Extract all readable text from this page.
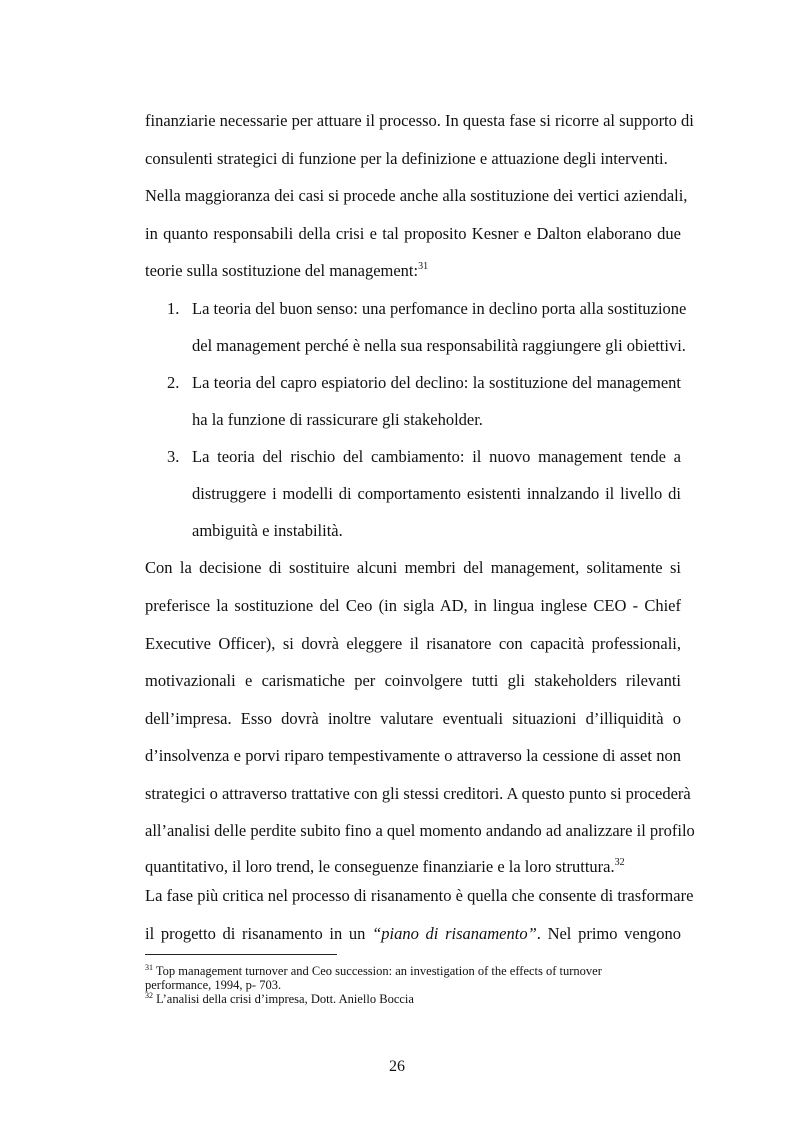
finanziarie necessarie per attuare il processo. In questa fase si ricorre al supporto di
consulenti strategici di funzione per la definizione e attuazione degli interventi.
Nella maggioranza dei casi si procede anche alla sostituzione dei vertici aziendali,
in quanto responsabili della crisi e tal proposito Kesner e Dalton elaborano due
teorie sulla sostituzione del management:$^{31}$
1. La teoria del buon senso: una perfomance in declino porta alla sostituzione
del management perché è nella sua responsabilità raggiungere gli obiettivi.
2. La teoria del capro espiatorio del declino: la sostituzione del management
ha la funzione di rassicurare gli stakeholder.
3. La teoria del rischio del cambiamento: il nuovo management tende a
distruggere i modelli di comportamento esistenti innalzando il livello di
ambiguità e instabilità.
Con la decisione di sostituire alcuni membri del management, solitamente si
preferisce la sostituzione del Ceo (in sigla AD, in lingua inglese CEO - Chief
Executive Officer), si dovrà eleggere il risanatore con capacità professionali,
motivazionali e carismatiche per coinvolgere tutti gli stakeholders rilevanti
dell’impresa. Esso dovrà inoltre valutare eventuali situazioni d’illiquidità o
d’insolvenza e porvi riparo tempestivamente o attraverso la cessione di asset non
strategici o attraverso trattative con gli stessi creditori. A questo punto si procederà
all’analisi delle perdite subito fino a quel momento andando ad analizzare il profilo
quantitativo, il loro trend, le conseguenze finanziarie e la loro struttura.$^{32}$
La fase più critica nel processo di risanamento è quella che consente di trasformare
il progetto di risanamento in un “piano di risanamento”. Nel primo vengono
$^{31}$ Top management turnover and Ceo succession: an investigation of the effects of turnover
performance, 1994, p- 703.
$^{32}$ L’analisi della crisi d’impresa, Dott. Aniello Boccia
26
